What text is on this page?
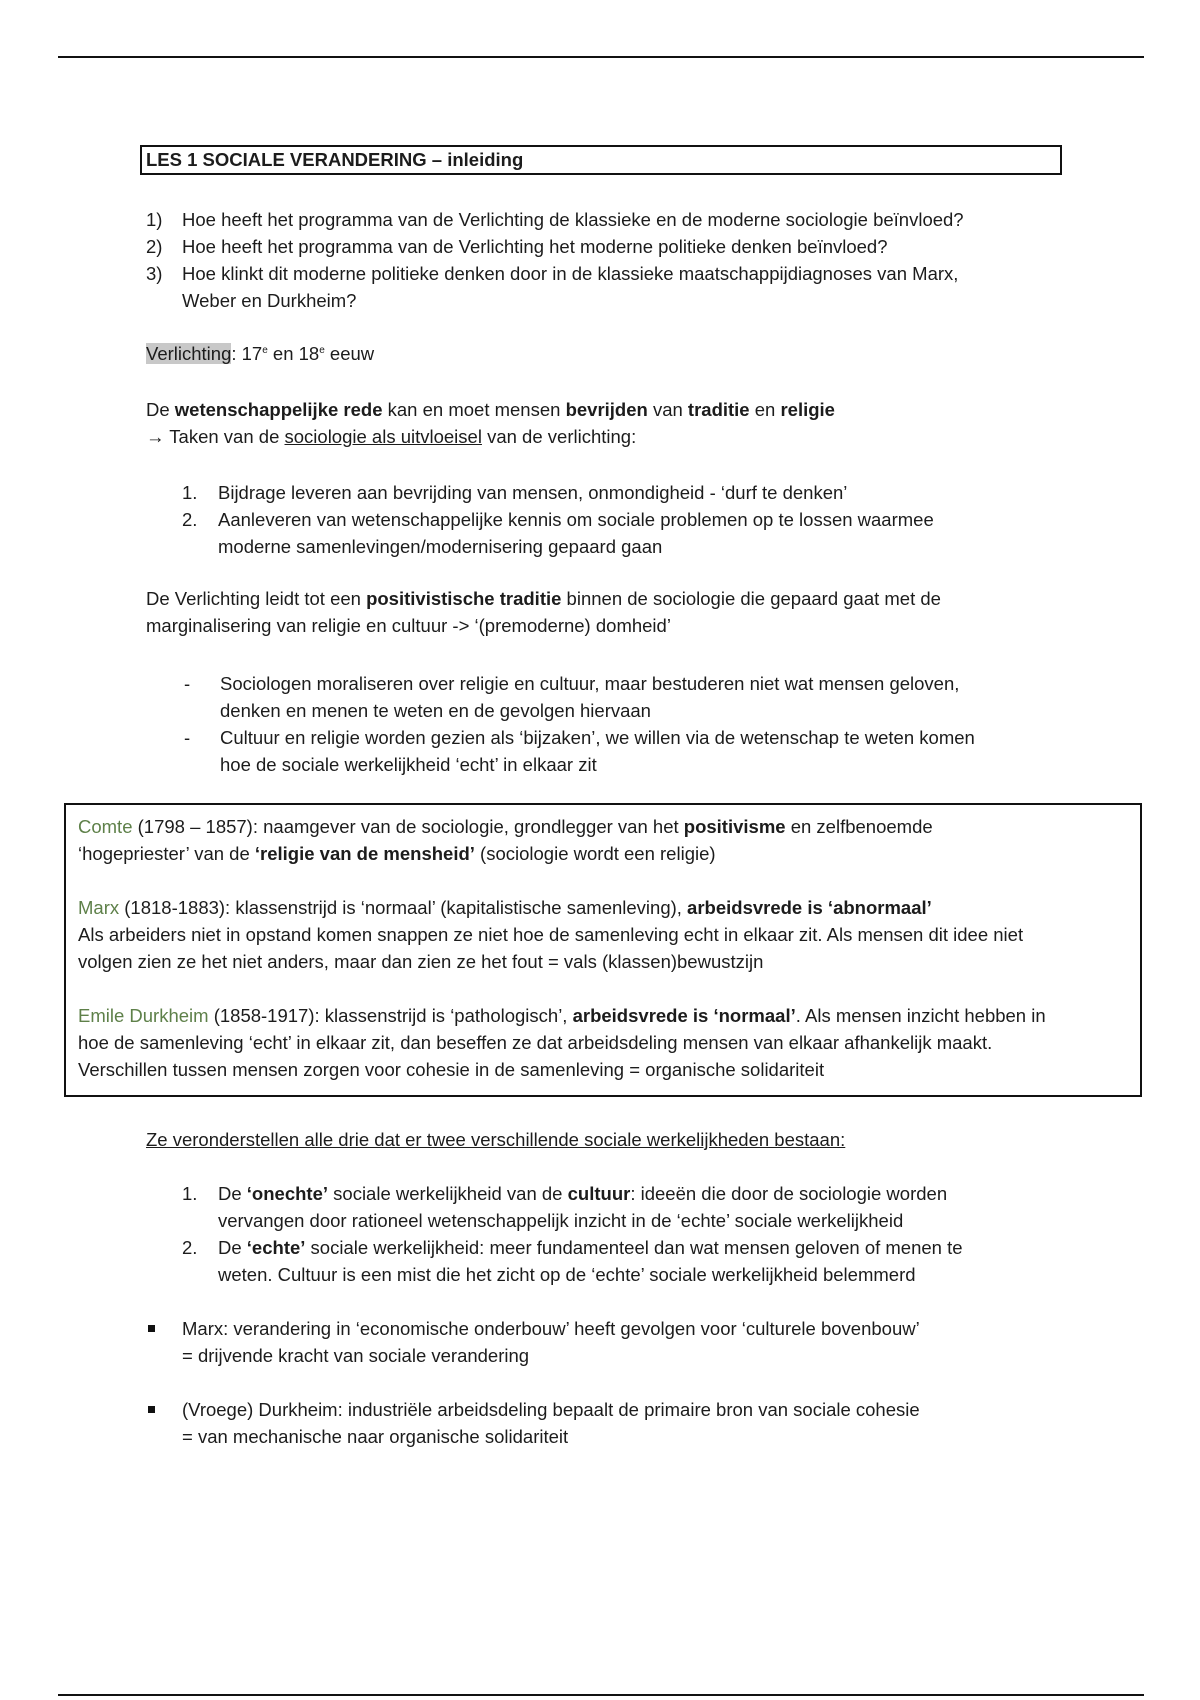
LES 1 SOCIALE VERANDERING – inleiding
1) Hoe heeft het programma van de Verlichting de klassieke en de moderne sociologie beïnvloed?
2) Hoe heeft het programma van de Verlichting het moderne politieke denken beïnvloed?
3) Hoe klinkt dit moderne politieke denken door in de klassieke maatschappijdiagnoses van Marx,
Weber en Durkheim?
Verlichting: 17e en 18e eeuw
De wetenschappelijke rede kan en moet mensen bevrijden van traditie en religie
→ Taken van de sociologie als uitvloeisel van de verlichting:
1. Bijdrage leveren aan bevrijding van mensen, onmondigheid - ‘durf te denken’
2. Aanleveren van wetenschappelijke kennis om sociale problemen op te lossen waarmee
moderne samenlevingen/modernisering gepaard gaan
De Verlichting leidt tot een positivistische traditie binnen de sociologie die gepaard gaat met de
marginalisering van religie en cultuur -> ‘(premoderne) domheid’
- Sociologen moraliseren over religie en cultuur, maar bestuderen niet wat mensen geloven,
denken en menen te weten en de gevolgen hiervaan
- Cultuur en religie worden gezien als ‘bijzaken’, we willen via de wetenschap te weten komen
hoe de sociale werkelijkheid ‘echt’ in elkaar zit

Comte (1798 – 1857): naamgever van de sociologie, grondlegger van het positivisme en zelfbenoemde
‘hogepriester’ van de ‘religie van de mensheid’ (sociologie wordt een religie)

Marx (1818-1883): klassenstrijd is ‘normaal’ (kapitalistische samenleving), arbeidsvrede is ‘abnormaal’
Als arbeiders niet in opstand komen snappen ze niet hoe de samenleving echt in elkaar zit. Als mensen dit idee niet
volgen zien ze het niet anders, maar dan zien ze het fout = vals (klassen)bewustzijn

Emile Durkheim (1858-1917): klassenstrijd is ‘pathologisch’, arbeidsvrede is ‘normaal’. Als mensen inzicht hebben in
hoe de samenleving ‘echt’ in elkaar zit, dan beseffen ze dat arbeidsdeling mensen van elkaar afhankelijk maakt.
Verschillen tussen mensen zorgen voor cohesie in de samenleving = organische solidariteit

Ze veronderstellen alle drie dat er twee verschillende sociale werkelijkheden bestaan:
1. De ‘onechte’ sociale werkelijkheid van de cultuur: ideeën die door de sociologie worden
vervangen door rationeel wetenschappelijk inzicht in de ‘echte’ sociale werkelijkheid
2. De ‘echte’ sociale werkelijkheid: meer fundamenteel dan wat mensen geloven of menen te
weten. Cultuur is een mist die het zicht op de ‘echte’ sociale werkelijkheid belemmerd
Marx: verandering in ‘economische onderbouw’ heeft gevolgen voor ‘culturele bovenbouw’
= drijvende kracht van sociale verandering
(Vroege) Durkheim: industriële arbeidsdeling bepaalt de primaire bron van sociale cohesie
= van mechanische naar organische solidariteit
